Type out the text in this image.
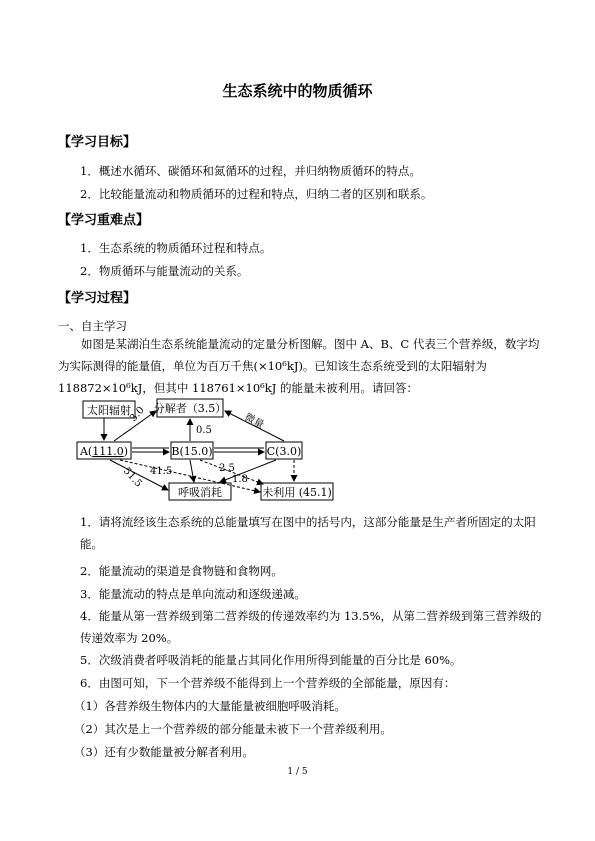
生态系统中的物质循环
【学习目标】
1．概述水循环、碳循环和氮循环的过程，并归纳物质循环的特点。
2．比较能量流动和物质循环的过程和特点，归纳二者的区别和联系。
【学习重难点】
1．生态系统的物质循环过程和特点。
2．物质循环与能量流动的关系。
【学习过程】
一、自主学习
如图是某湖泊生态系统能量流动的定量分析图解。图中 A、B、C 代表三个营养级，数字均为实际测得的能量值，单位为百万千焦(×10⁶kJ)。已知该生态系统受到的太阳辐射为 118872×10⁶kJ，但其中 118761×10⁶kJ 的能量未被利用。请回答：
太阳辐射 分解者（3.5）
A(111.0)	B(15.0)	C(3.0)
呼吸消耗	未利用 (45.1)
3.0
0.5	微量
51.5 41.5	2.5
1.8
1．请将流经该生态系统的总能量填写在图中的括号内，这部分能量是生产者所固定的太阳能。
2．能量流动的渠道是食物链和食物网。
3．能量流动的特点是单向流动和逐级递减。
4．能量从第一营养级到第二营养级的传递效率约为 13.5%，从第二营养级到第三营养级的传递效率为 20%。
5．次级消费者呼吸消耗的能量占其同化作用所得到能量的百分比是 60%。
6．由图可知，下一个营养级不能得到上一个营养级的全部能量，原因有：
（1）各营养级生物体内的大量能量被细胞呼吸消耗。
（2）其次是上一个营养级的部分能量未被下一个营养级利用。
（3）还有少数能量被分解者利用。
1 / 5
